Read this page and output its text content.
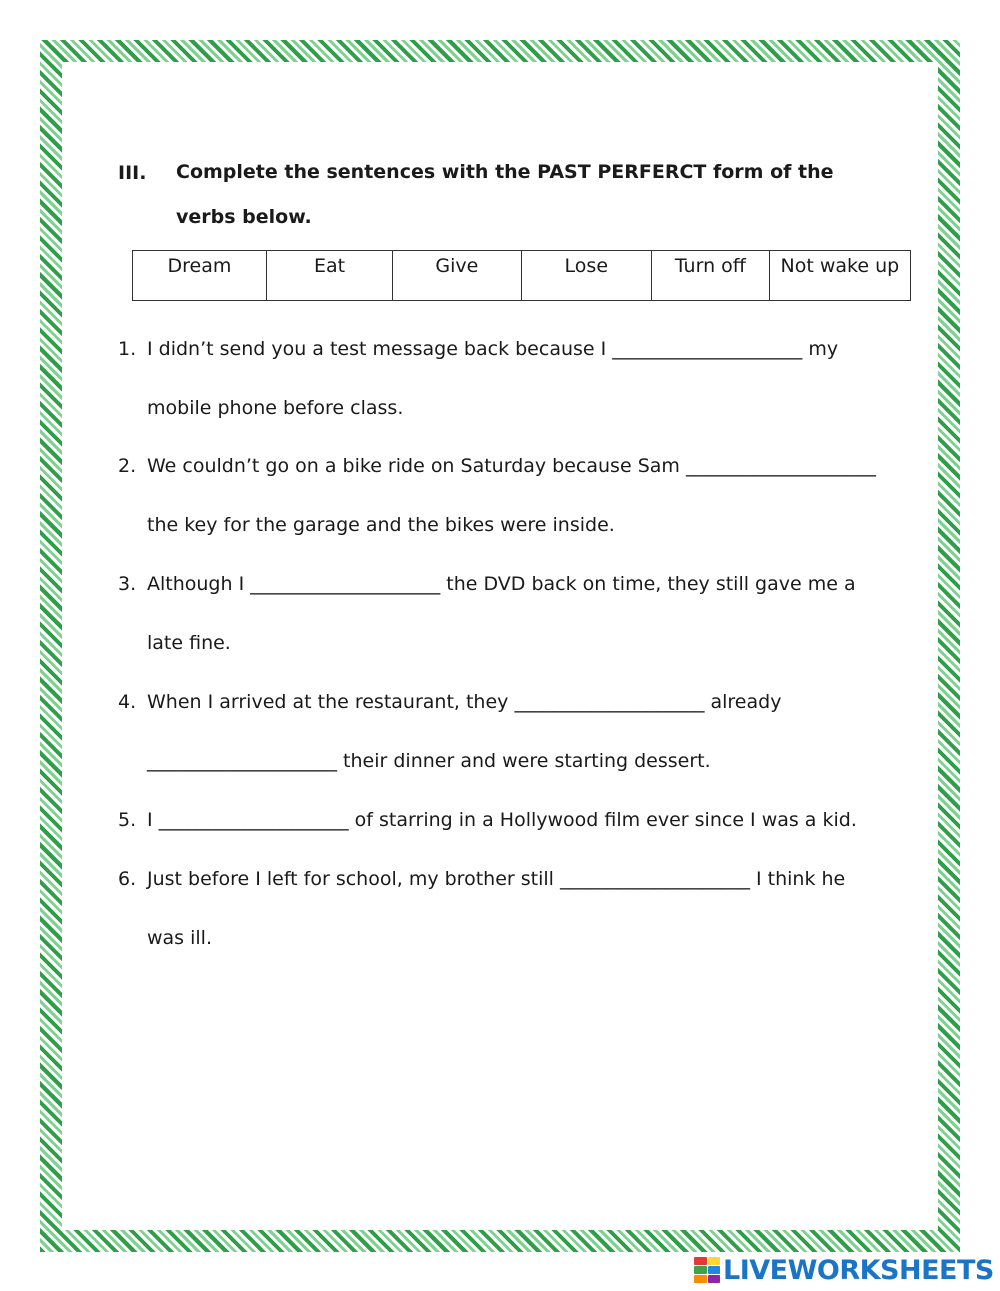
III. Complete the sentences with the PAST PERFERCT form of the verbs below.
Dream	Eat	Give	Lose	Turn off	Not wake up
1. I didn’t send you a test message back because I ____________________ my
mobile phone before class.
2. We couldn’t go on a bike ride on Saturday because Sam ____________________
the key for the garage and the bikes were inside.
3. Although I ____________________ the DVD back on time, they still gave me a
late fine.
4. When I arrived at the restaurant, they ____________________ already
____________________ their dinner and were starting dessert.
5. I ____________________ of starring in a Hollywood film ever since I was a kid.
6. Just before I left for school, my brother still ____________________ I think he
was ill.
LIVEWORKSHEETS
